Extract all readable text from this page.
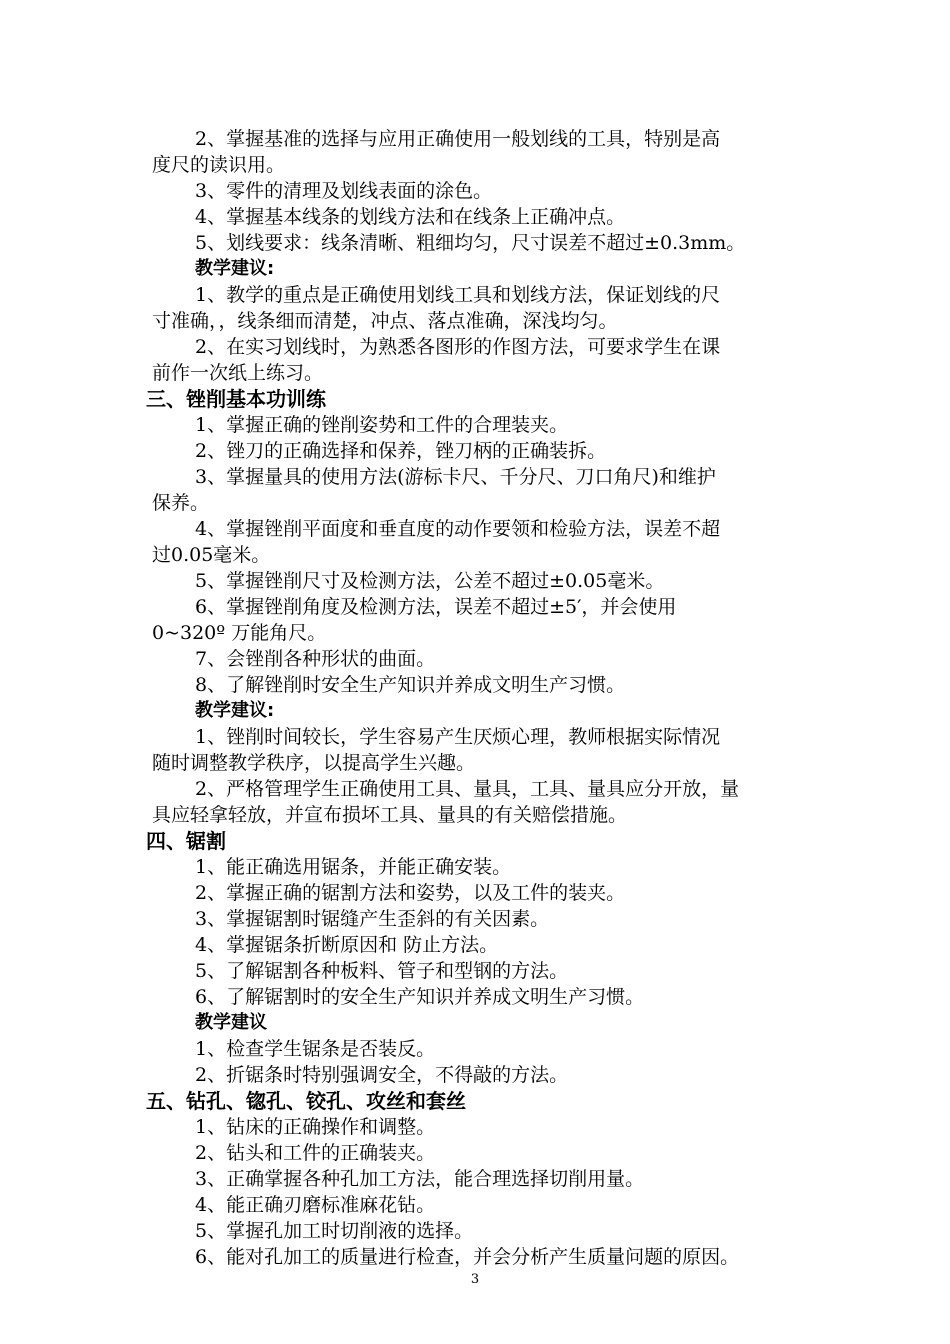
2、掌握基准的选择与应用正确使用一般划线的工具，特别是高
度尺的读识用。
3、零件的清理及划线表面的涂色。
4、掌握基本线条的划线方法和在线条上正确冲点。
5、划线要求：线条清晰、粗细均匀，尺寸误差不超过±0.3mm。
教学建议:
1、教学的重点是正确使用划线工具和划线方法，保证划线的尺
寸准确，，线条细而清楚，冲点、落点准确，深浅均匀。
2、在实习划线时，为熟悉各图形的作图方法，可要求学生在课
前作一次纸上练习。
三、锉削基本功训练
1、掌握正确的锉削姿势和工件的合理装夹。
2、锉刀的正确选择和保养，锉刀柄的正确装拆。
3、掌握量具的使用方法(游标卡尺、千分尺、刀口角尺)和维护
保养。
4、掌握锉削平面度和垂直度的动作要领和检验方法，误差不超
过0.05毫米。
5、掌握锉削尺寸及检测方法，公差不超过±0.05毫米。
6、掌握锉削角度及检测方法，误差不超过±5′，并会使用
0~320º 万能角尺。
7、会锉削各种形状的曲面。
8、了解锉削时安全生产知识并养成文明生产习惯。
教学建议:
1、锉削时间较长，学生容易产生厌烦心理，教师根据实际情况
随时调整教学秩序，以提高学生兴趣。
2、严格管理学生正确使用工具、量具，工具、量具应分开放，量
具应轻拿轻放，并宣布损坏工具、量具的有关赔偿措施。
四、锯割
1、能正确选用锯条，并能正确安装。
2、掌握正确的锯割方法和姿势，以及工件的装夹。
3、掌握锯割时锯缝产生歪斜的有关因素。
4、掌握锯条折断原因和 防止方法。
5、了解锯割各种板料、管子和型钢的方法。
6、了解锯割时的安全生产知识并养成文明生产习惯。
教学建议
1、检查学生锯条是否装反。
2、折锯条时特别强调安全，不得敲的方法。
五、钻孔、锪孔、铰孔、攻丝和套丝
1、钻床的正确操作和调整。
2、钻头和工件的正确装夹。
3、正确掌握各种孔加工方法，能合理选择切削用量。
4、能正确刃磨标准麻花钻。
5、掌握孔加工时切削液的选择。
6、能对孔加工的质量进行检查，并会分析产生质量问题的原因。
3
